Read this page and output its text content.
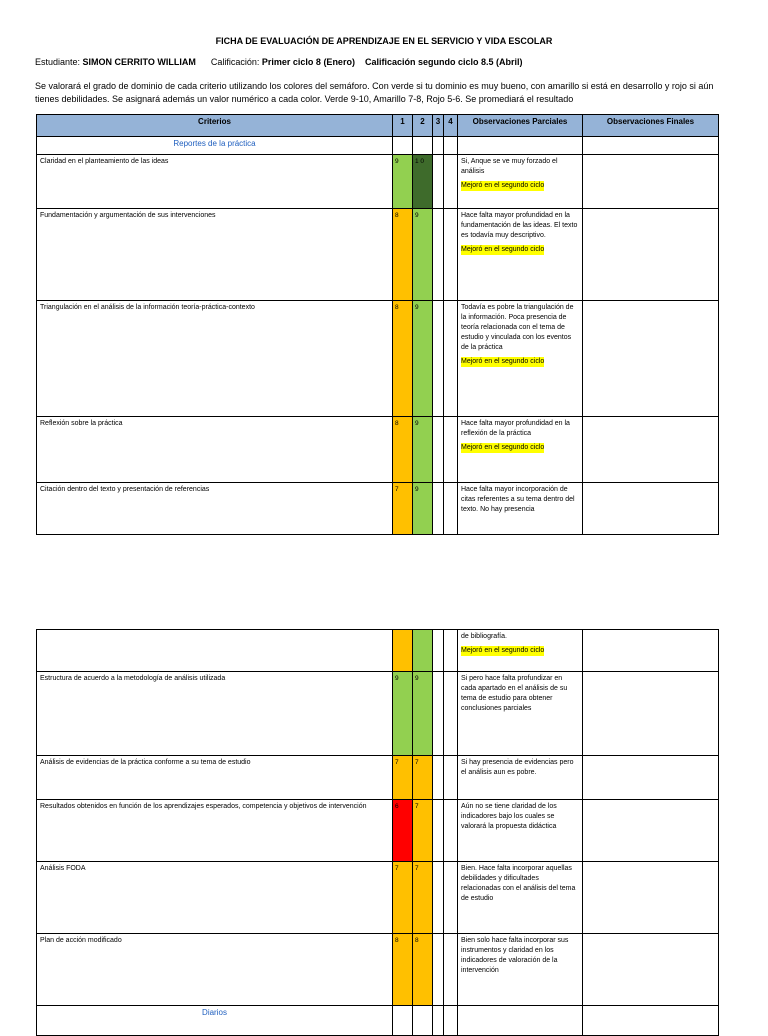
FICHA DE EVALUACIÓN DE APRENDIZAJE EN EL SERVICIO Y VIDA ESCOLAR
Estudiante: SIMON CERRITO WILLIAM Calificación: Primer ciclo 8 (Enero) Calificación segundo ciclo 8.5 (Abril)
Se valorará el grado de dominio de cada criterio utilizando los colores del semáforo. Con verde si tu dominio es muy bueno, con amarillo si está en desarrollo y rojo si aún tienes debilidades. Se asignará además un valor numérico a cada color. Verde 9-10, Amarillo 7-8, Rojo 5-6. Se promediará el resultado
Criterios	1	2	3	4	Observaciones Parciales	Observaciones Finales
Reportes de la práctica						
Claridad en el planteamiento de las ideas	9	1 0			Si, Anque se ve muy forzado el análisis

Mejoró en el segundo ciclo	
Fundamentación y argumentación de sus intervenciones	8	9			Hace falta mayor profundidad en la fundamentación de las ideas. El texto es todavía muy descriptivo.

Mejoró en el segundo ciclo	
Triangulación en el análisis de la información teoría-práctica-contexto	8	9			Todavía es pobre la triangulación de la información. Poca presencia de teoría relacionada con el tema de estudio y vinculada con los eventos de la práctica

Mejoró en el segundo ciclo	
Reflexión sobre la práctica	8	9			Hace falta mayor profundidad en la reflexión de la práctica

Mejoró en el segundo ciclo	
Citación dentro del texto y presentación de referencias	7	9			Hace falta mayor incorporación de citas referentes a su tema dentro del texto. No hay presencia	

					de bibliografía.

Mejoró en el segundo ciclo	
Estructura de acuerdo a la metodología de análisis utilizada	9	9			Si pero hace falta profundizar en cada apartado en el análisis de su tema de estudio para obtener conclusiones parciales	

Análisis de evidencias de la práctica conforme a su tema de estudio	7	7			Si hay presencia de evidencias pero el análisis aun es pobre.	

Resultados obtenidos en función de los aprendizajes esperados, competencia y objetivos de intervención	6	7			Aún no se tiene claridad de los indicadores bajo los cuales se valorará la propuesta didáctica	

Análisis FODA	7	7			Bien. Hace falta incorporar aquellas debilidades y dificultades relacionadas con el análisis del tema de estudio	

Plan de acción modificado	8	8			Bien solo hace falta incorporar sus instrumentos y claridad en los indicadores de valoración de la intervención	

Diarios						
